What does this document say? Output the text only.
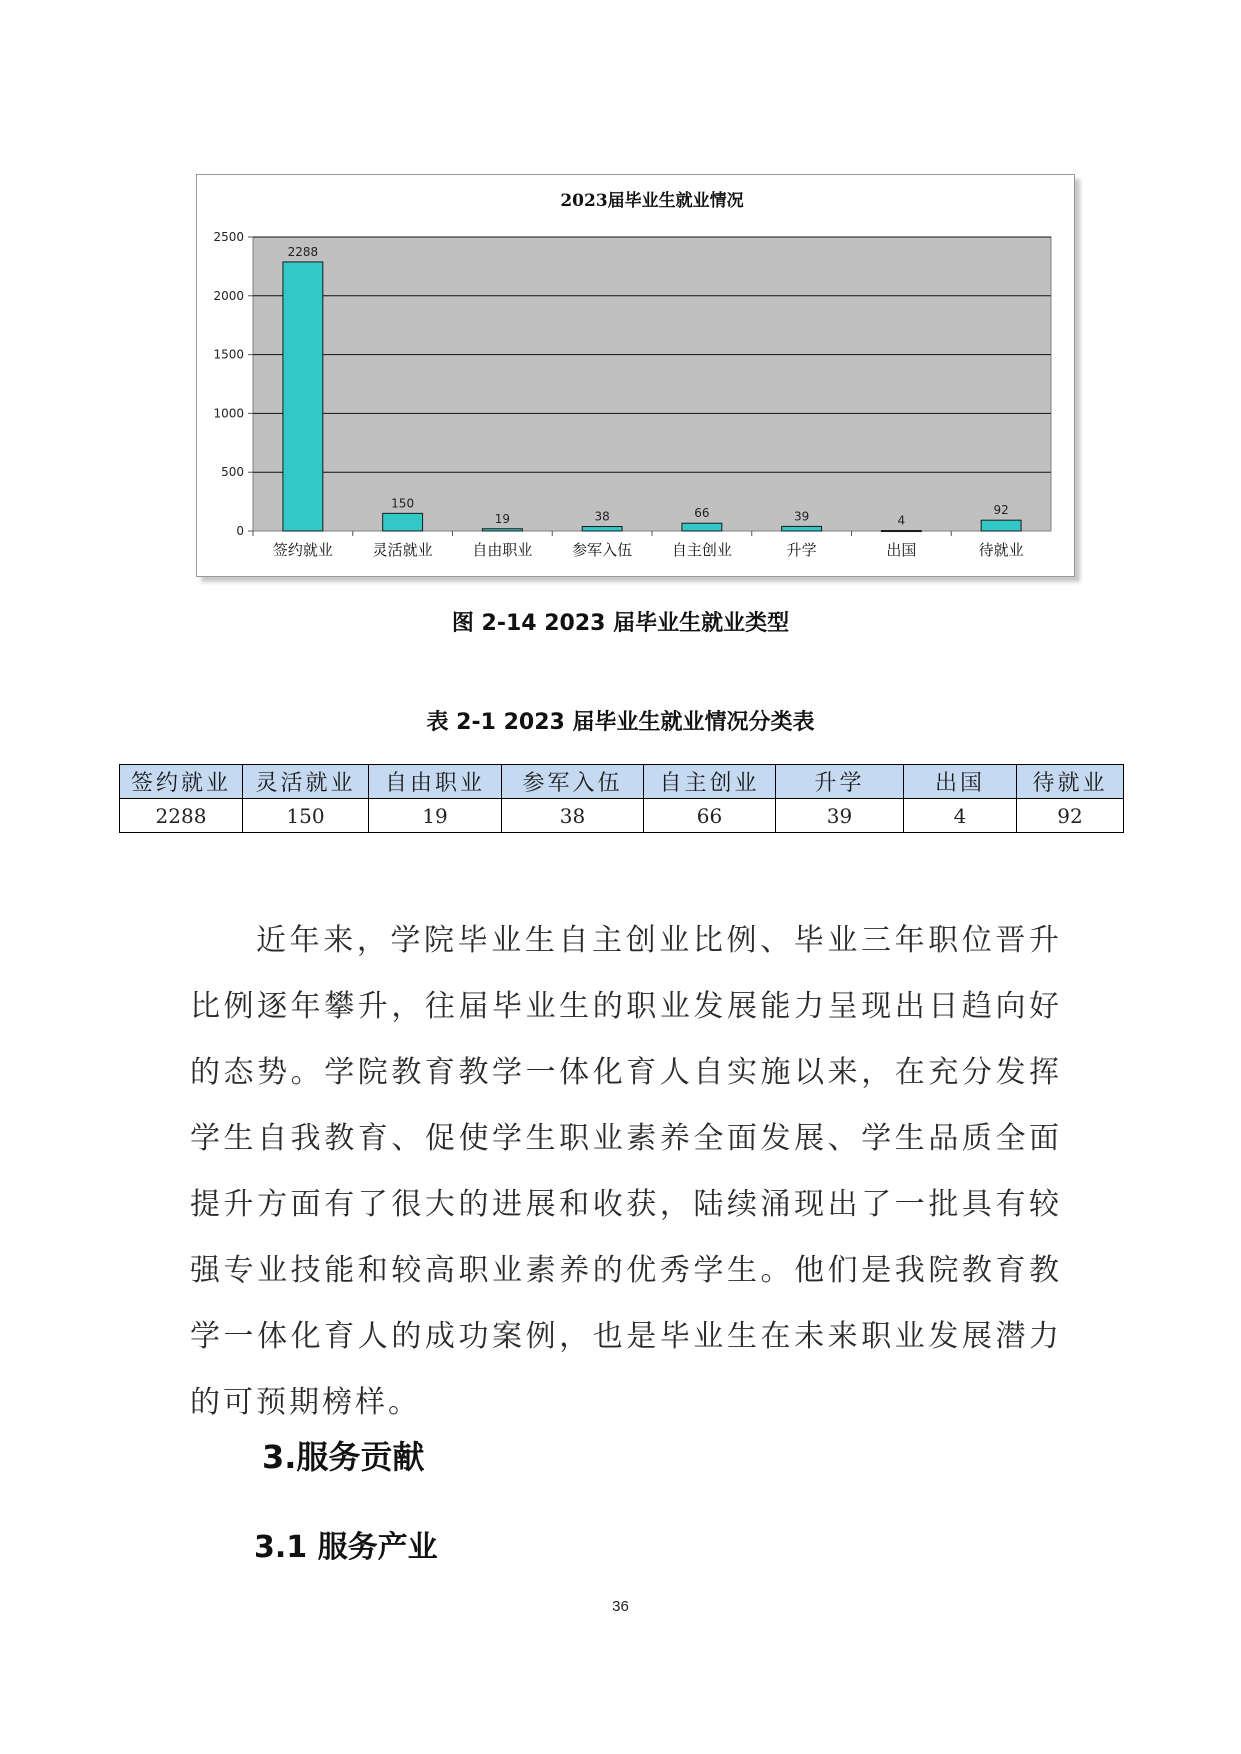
2023届毕业生就业情况
0
500
1000
1500
2000
2500
2288
签约就业
150
灵活就业
19
自由职业
38
参军入伍
66
自主创业
39
升学
4
出国
92
待就业
图 2-14 2023 届毕业生就业类型
表 2-1 2023 届毕业生就业情况分类表
签约就业	灵活就业	自由职业	参军入伍	自主创业	升学	出国	待就业
2288	150	19	38	66	39	4	92

近年来，学院毕业生自主创业比例、毕业三年职位晋升比例逐年攀升，往届毕业生的职业发展能力呈现出日趋向好的态势。学院教育教学一体化育人自实施以来，在充分发挥学生自我教育、促使学生职业素养全面发展、学生品质全面提升方面有了很大的进展和收获，陆续涌现出了一批具有较强专业技能和较高职业素养的优秀学生。他们是我院教育教学一体化育人的成功案例，也是毕业生在未来职业发展潜力的可预期榜样。

3.服务贡献
3.1 服务产业
36
